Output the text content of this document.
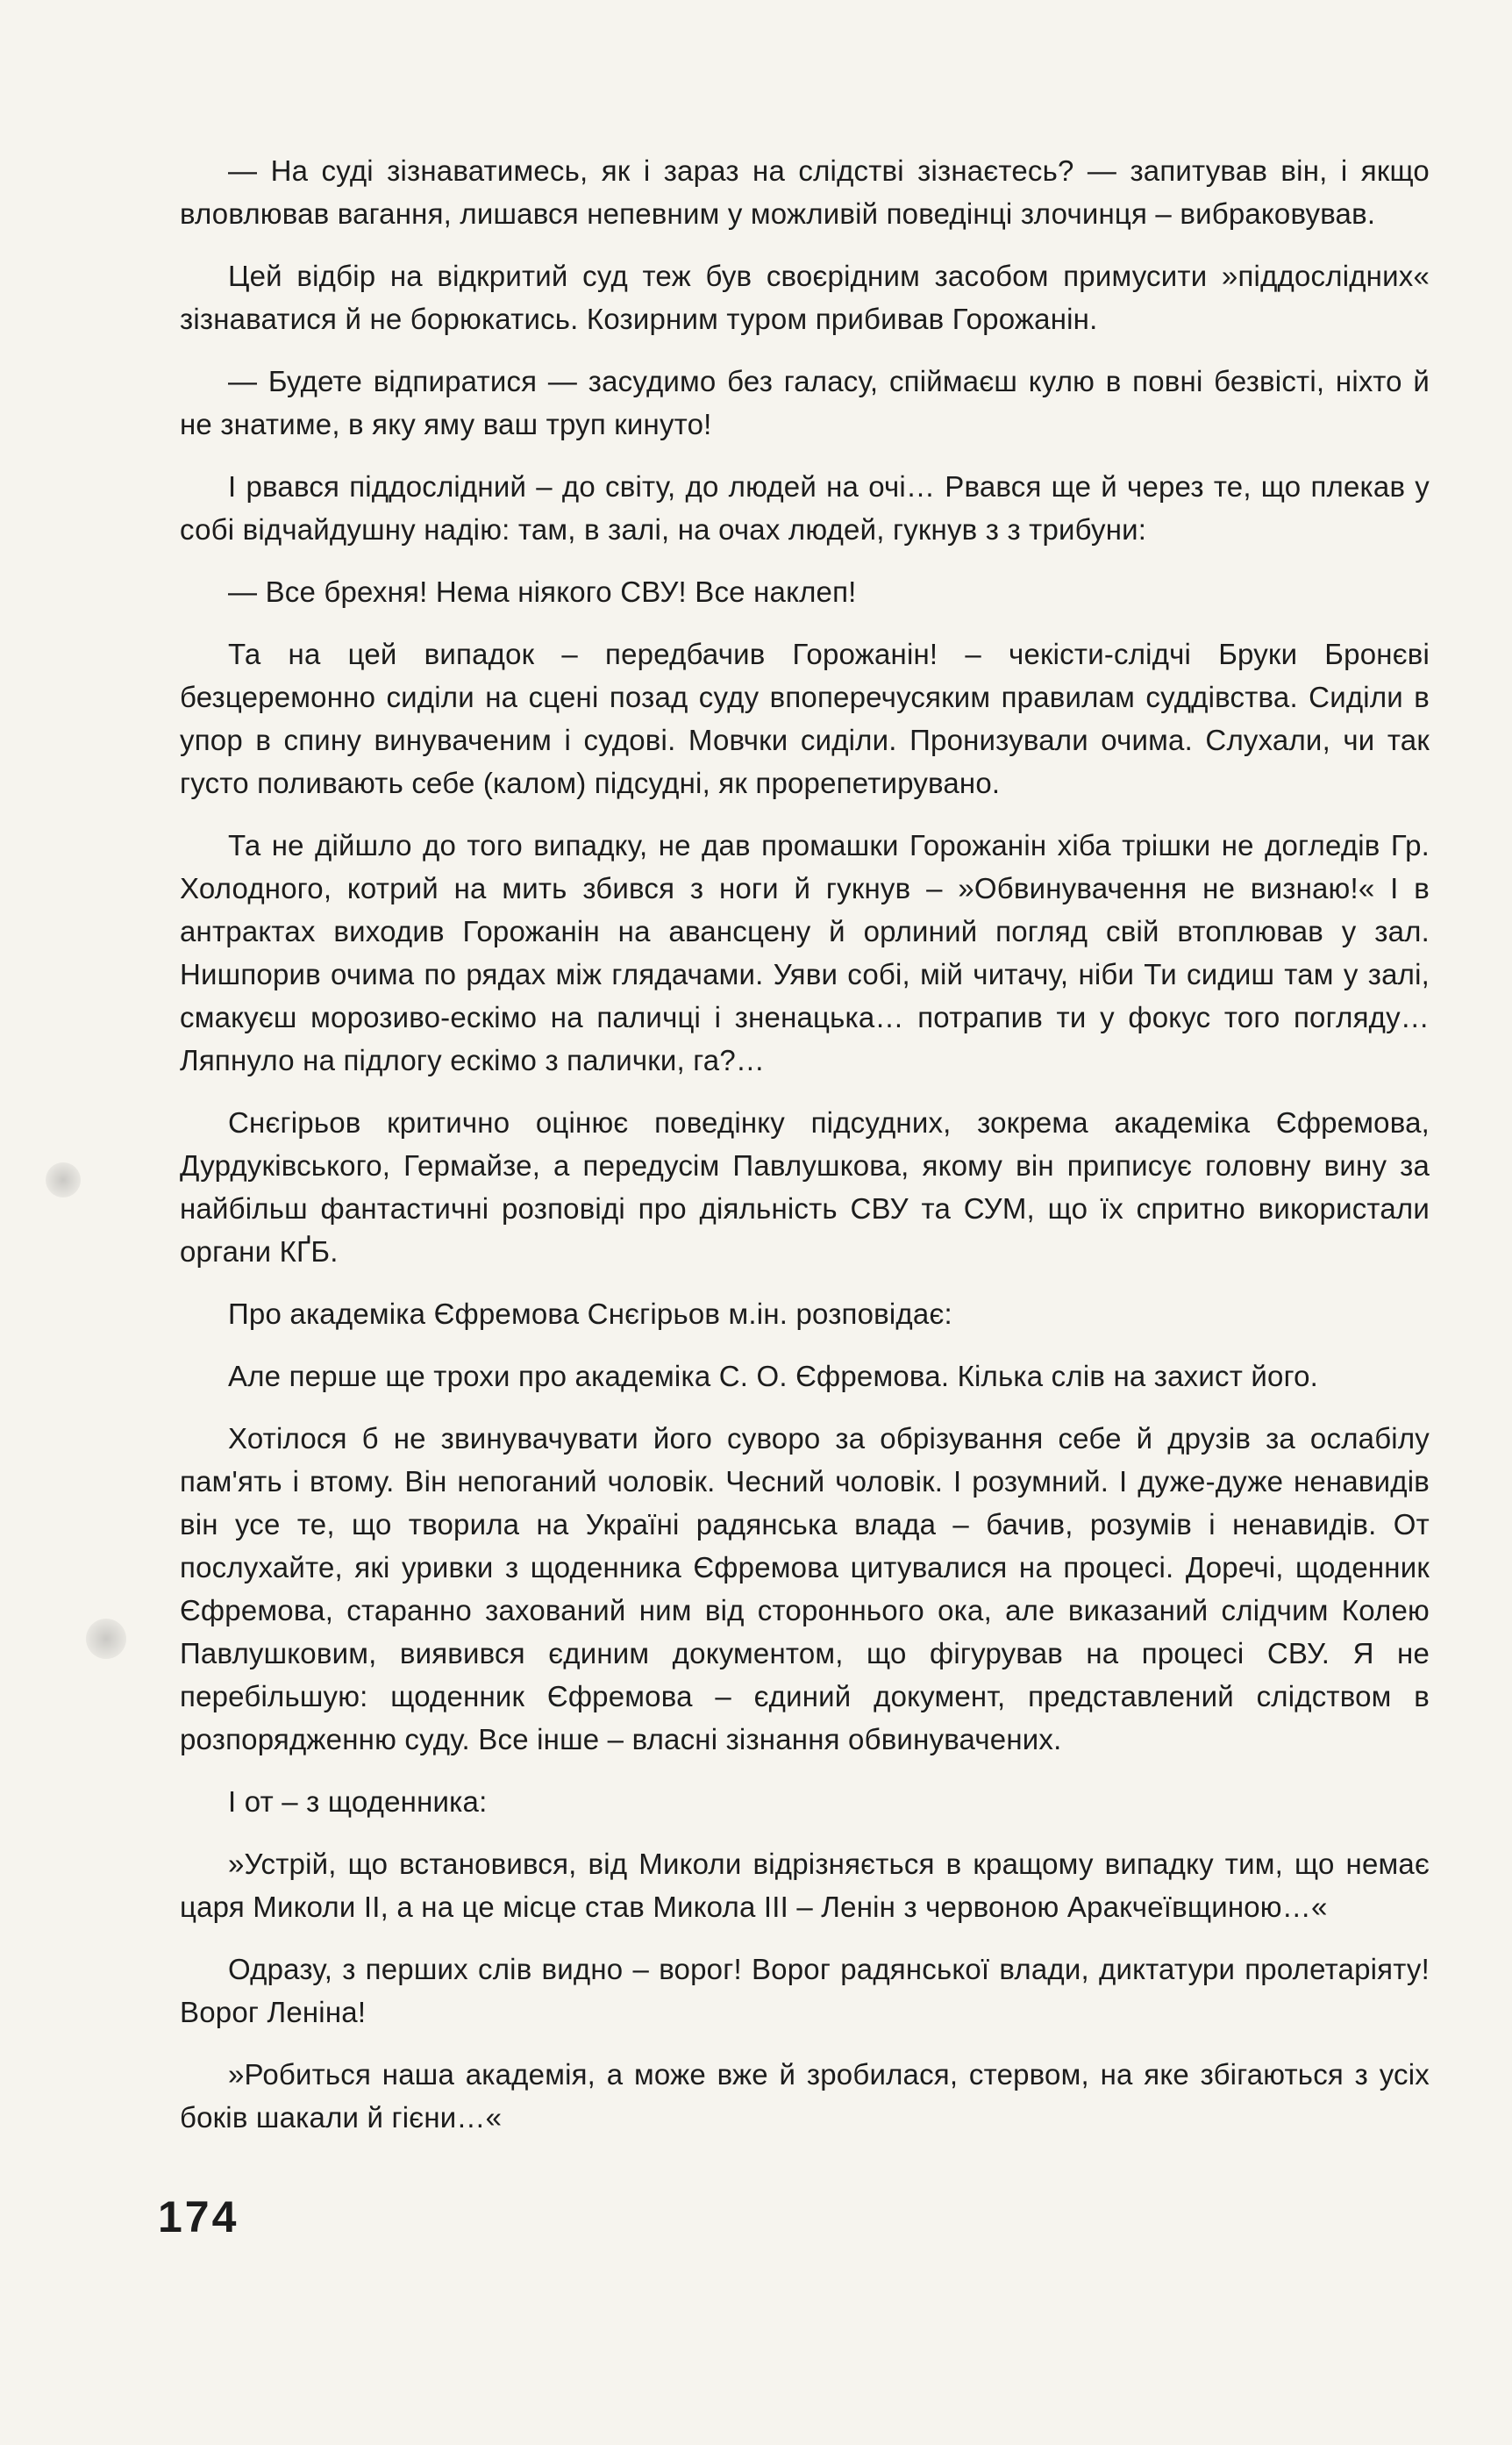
— На суді зізнаватимесь, як і зараз на слідстві зізнаєтесь? — запитував він, і якщо вловлював вагання, лишався непевним у можливій поведінці злочинця – вибраковував.

Цей відбір на відкритий суд теж був своєрідним засобом примусити »піддослідних« зізнаватися й не борюкатись. Козирним туром прибивав Горожанін.

— Будете відпиратися — засудимо без галасу, спіймаєш кулю в повні безвісті, ніхто й не знатиме, в яку яму ваш труп кинуто!

І рвався піддослідний – до світу, до людей на очі… Рвався ще й через те, що плекав у собі відчайдушну надію: там, в залі, на очах людей, гукнув з з трибуни:

— Все брехня! Нема ніякого СВУ! Все наклеп!

Та на цей випадок – передбачив Горожанін! – чекісти-слідчі Бруки Бронєві безцеремонно сиділи на сцені позад суду впоперечусяким правилам суддівства. Сиділи в упор в спину винуваченим і судові. Мовчки сиділи. Пронизували очима. Слухали, чи так густо поливають себе (калом) підсудні, як прорепетирувано.

Та не дійшло до того випадку, не дав промашки Горожанін хіба трішки не догледів Гр. Холодного, котрий на мить збився з ноги й гукнув – »Обвинувачення не визнаю!« І в антрактах виходив Горожанін на авансцену й орлиний погляд свій втоплював у зал. Нишпорив очима по рядах між глядачами. Уяви собі, мій читачу, ніби Ти сидиш там у залі, смакуєш морозиво-ескімо на паличці і зненацька… потрапив ти у фокус того погляду… Ляпнуло на підлогу ескімо з палички, га?…

Снєгірьов критично оцінює поведінку підсудних, зокрема академіка Єфремова, Дурдуківського, Гермайзе, а передусім Павлушкова, якому він приписує головну вину за найбільш фантастичні розповіді про діяльність СВУ та СУМ, що їх спритно використали органи КҐБ.

Про академіка Єфремова Снєгірьов м.ін. розповідає:

Але перше ще трохи про академіка С. О. Єфремова. Кілька слів на захист його.

Хотілося б не звинувачувати його суворо за обрізування себе й друзів за ослабілу пам'ять і втому. Він непоганий чоловік. Чесний чоловік. І розумний. І дуже-дуже ненавидів він усе те, що творила на Україні радянська влада – бачив, розумів і ненавидів. От послухайте, які уривки з щоденника Єфремова цитувалися на процесі. Доречі, щоденник Єфремова, старанно захований ним від стороннього ока, але виказаний слідчим Колею Павлушковим, виявився єдиним документом, що фігурував на процесі СВУ. Я не перебільшую: щоденник Єфремова – єдиний документ, представлений слідством в розпорядженню суду. Все інше – власні зізнання обвинувачених.

І от – з щоденника:

»Устрій, що встановився, від Миколи відрізняється в кращому випадку тим, що немає царя Миколи II, а на це місце став Микола III – Ленін з червоною Аракчеївщиною…«

Одразу, з перших слів видно – ворог! Ворог радянської влади, диктатури пролетаріяту! Ворог Леніна!

»Робиться наша академія, а може вже й зробилася, стервом, на яке збігаються з усіх боків шакали й гієни…«

174
